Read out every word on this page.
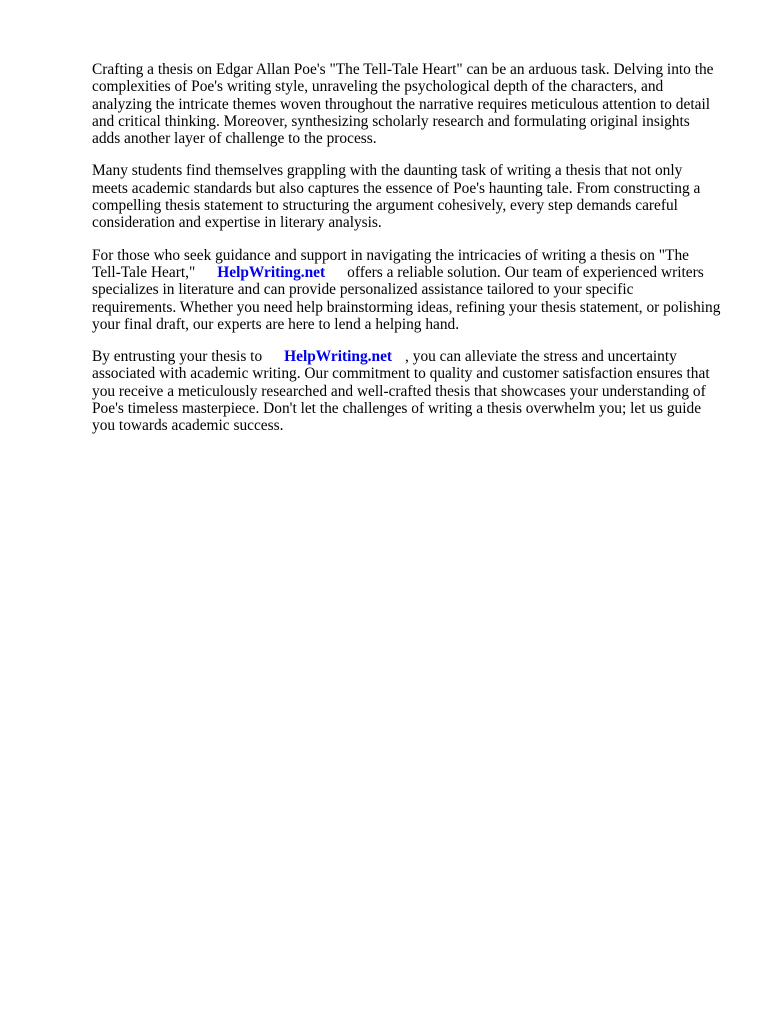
Crafting a thesis on Edgar Allan Poe's "The Tell-Tale Heart" can be an arduous task. Delving into the
complexities of Poe's writing style, unraveling the psychological depth of the characters, and
analyzing the intricate themes woven throughout the narrative requires meticulous attention to detail
and critical thinking. Moreover, synthesizing scholarly research and formulating original insights
adds another layer of challenge to the process.

Many students find themselves grappling with the daunting task of writing a thesis that not only
meets academic standards but also captures the essence of Poe's haunting tale. From constructing a
compelling thesis statement to structuring the argument cohesively, every step demands careful
consideration and expertise in literary analysis.

For those who seek guidance and support in navigating the intricacies of writing a thesis on "The
Tell-Tale Heart," HelpWriting.net offers a reliable solution. Our team of experienced writers
specializes in literature and can provide personalized assistance tailored to your specific
requirements. Whether you need help brainstorming ideas, refining your thesis statement, or polishing
your final draft, our experts are here to lend a helping hand.

By entrusting your thesis to HelpWriting.net , you can alleviate the stress and uncertainty
associated with academic writing. Our commitment to quality and customer satisfaction ensures that
you receive a meticulously researched and well-crafted thesis that showcases your understanding of
Poe's timeless masterpiece. Don't let the challenges of writing a thesis overwhelm you; let us guide
you towards academic success.
